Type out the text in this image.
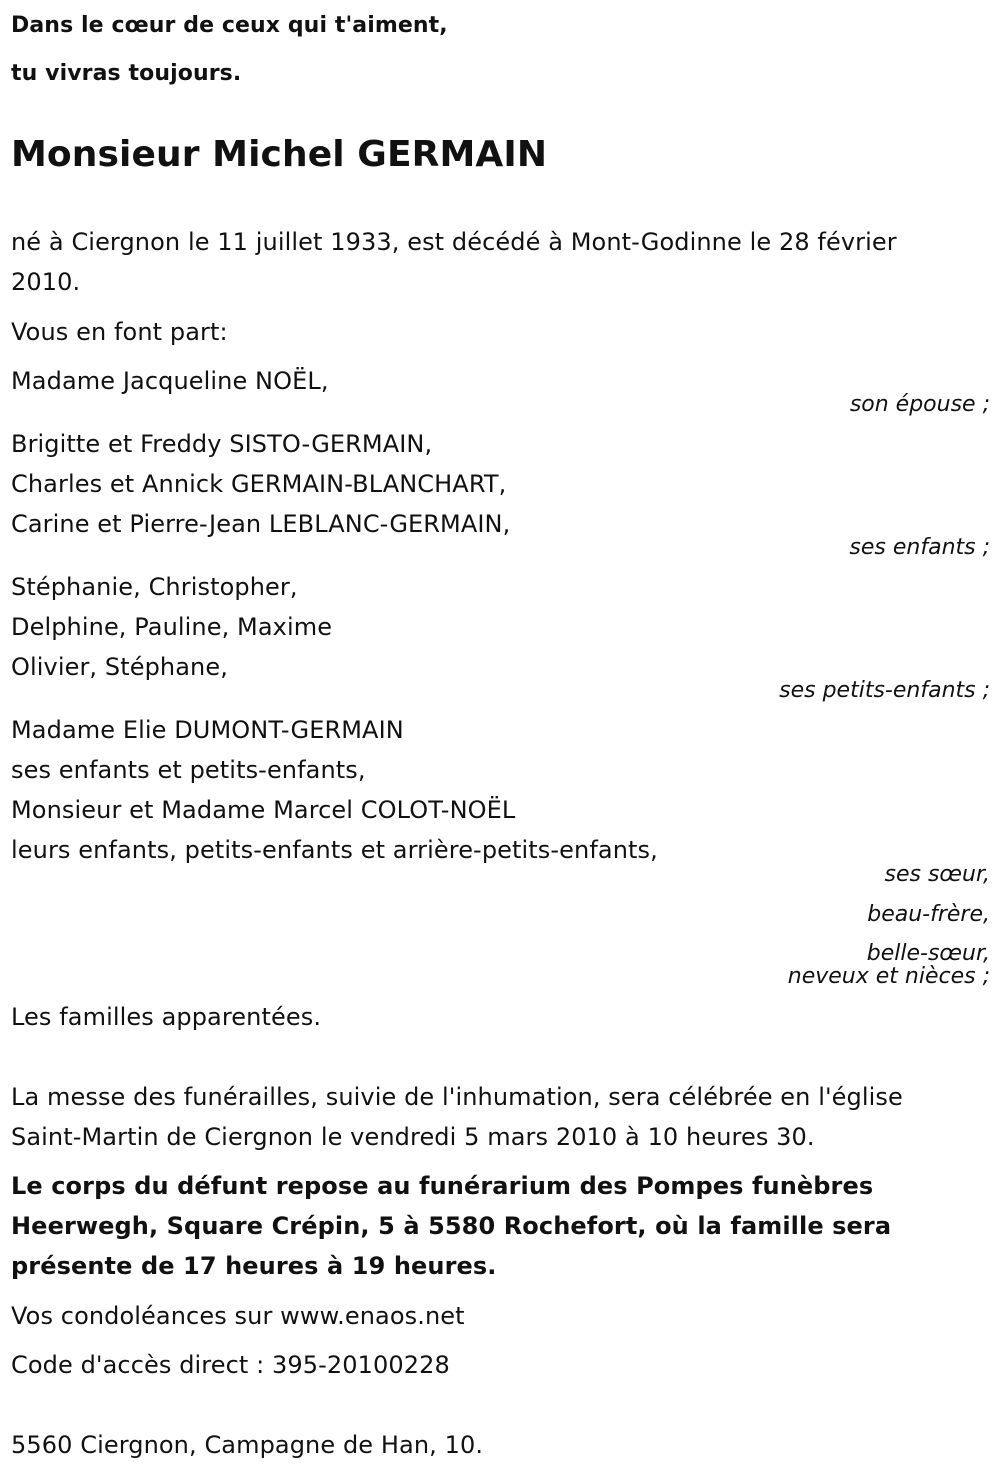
Dans le cœur de ceux qui t'aiment,
tu vivras toujours.
Monsieur Michel GERMAIN
né à Ciergnon le 11 juillet 1933, est décédé à Mont-Godinne le 28 février
2010.
Vous en font part:
Madame Jacqueline NOËL,
son épouse ;
Brigitte et Freddy SISTO-GERMAIN,
Charles et Annick GERMAIN-BLANCHART,
Carine et Pierre-Jean LEBLANC-GERMAIN,
ses enfants ;
Stéphanie, Christopher,
Delphine, Pauline, Maxime
Olivier, Stéphane,
ses petits-enfants ;
Madame Elie DUMONT-GERMAIN
ses enfants et petits-enfants,
Monsieur et Madame Marcel COLOT-NOËL
leurs enfants, petits-enfants et arrière-petits-enfants,
ses sœur,
beau-frère,
belle-sœur,
neveux et nièces ;
Les familles apparentées.
La messe des funérailles, suivie de l'inhumation, sera célébrée en l'église
Saint-Martin de Ciergnon le vendredi 5 mars 2010 à 10 heures 30.
Le corps du défunt repose au funérarium des Pompes funèbres
Heerwegh, Square Crépin, 5 à 5580 Rochefort, où la famille sera
présente de 17 heures à 19 heures.
Vos condoléances sur www.enaos.net
Code d'accès direct : 395-20100228
5560 Ciergnon, Campagne de Han, 10.
